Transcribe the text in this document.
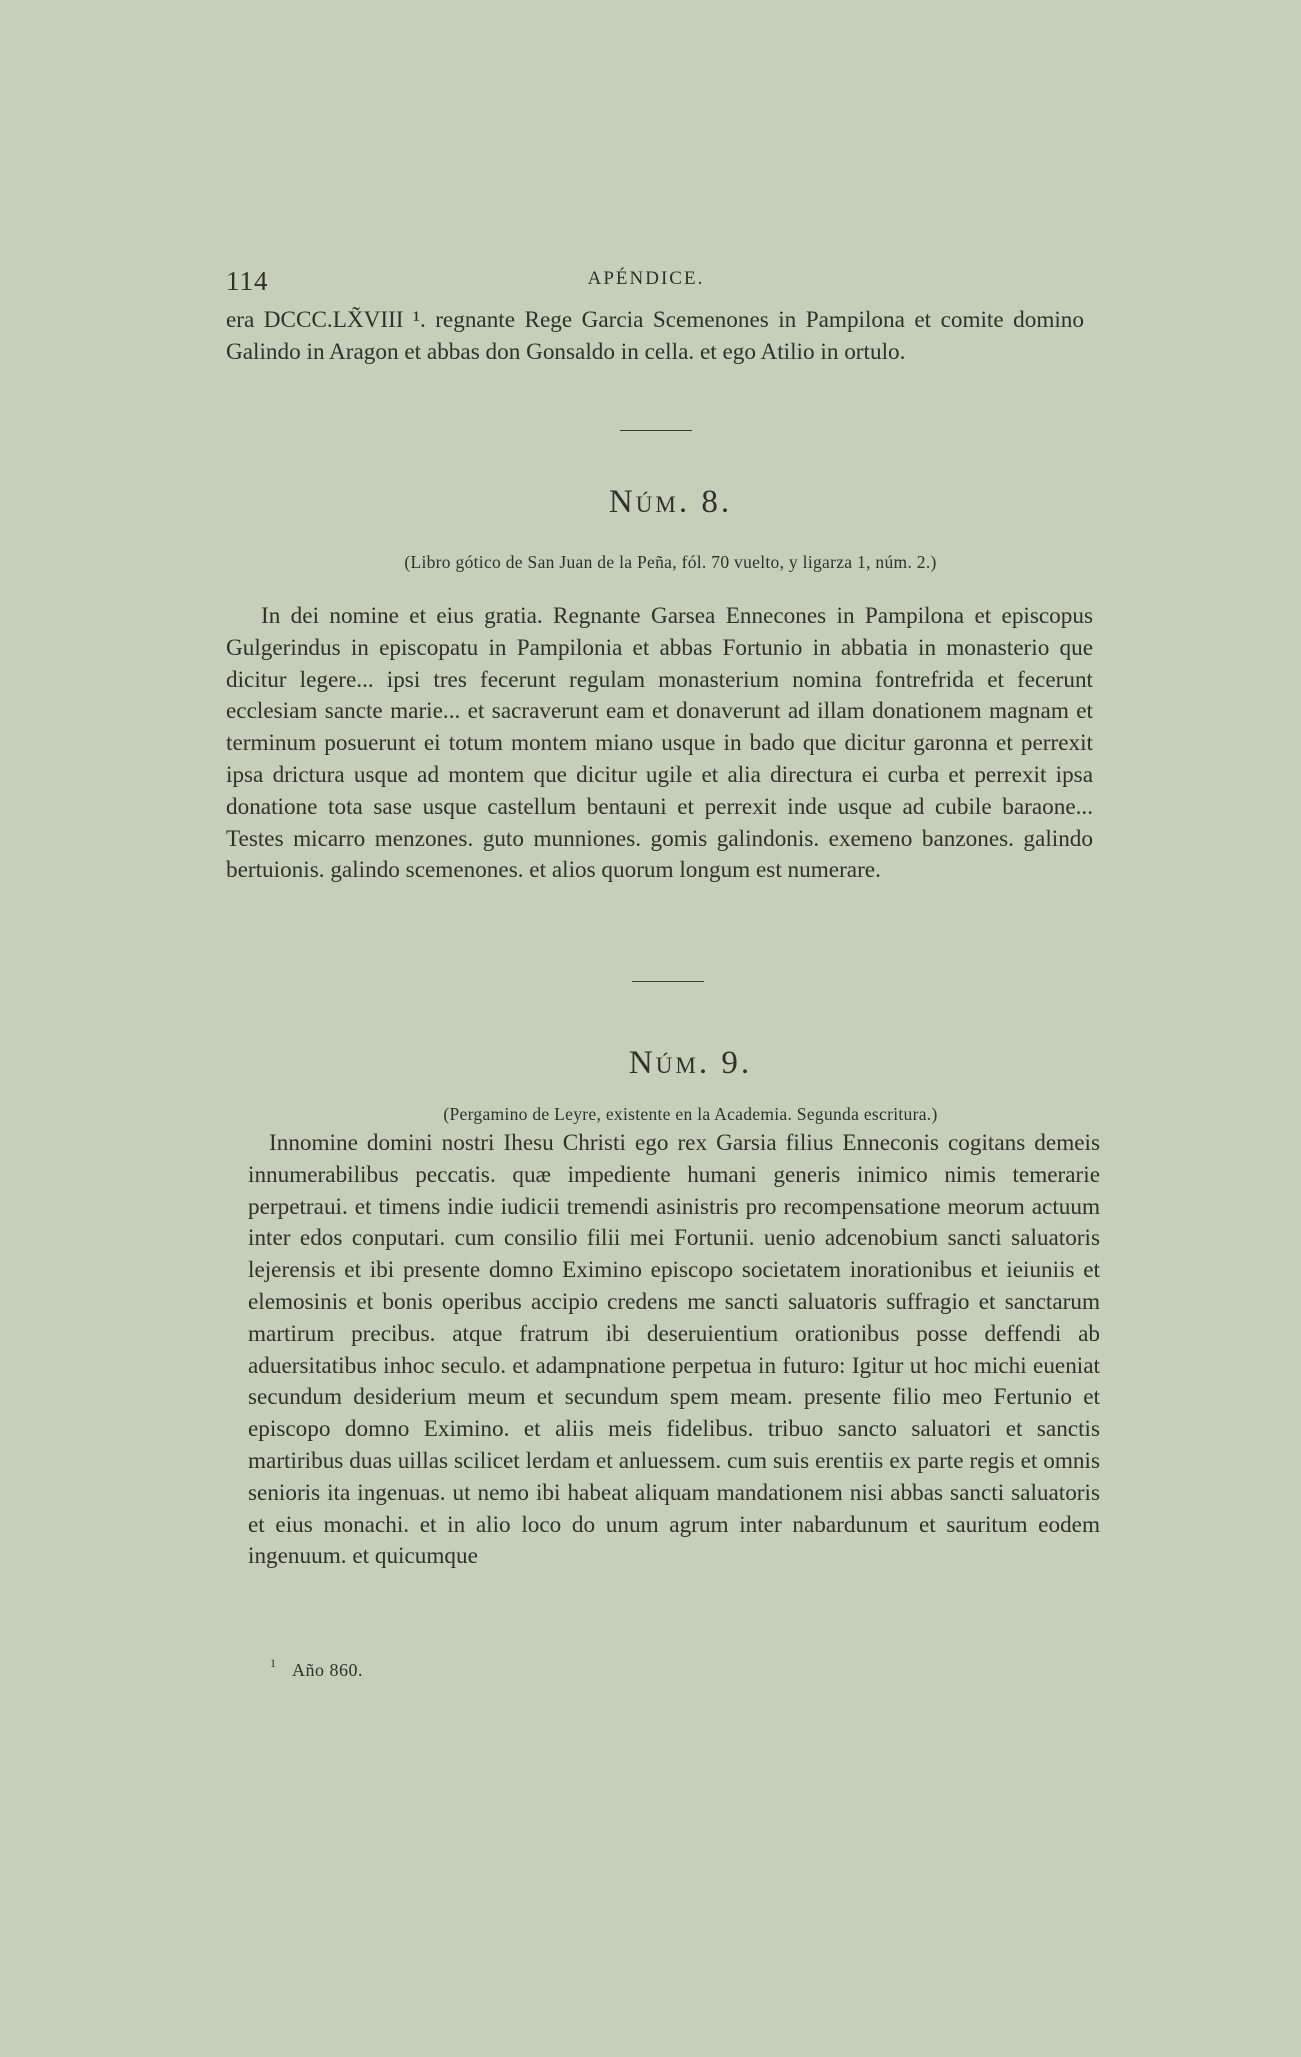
114	APÉNDICE.

era DCCC.LX̃VIII ¹. regnante Rege Garcia Scemenones in Pampilona et comite domino Galindo in Aragon et abbas don Gonsaldo in cella. et ego Atilio in ortulo.

Núm. 8.
(Libro gótico de San Juan de la Peña, fól. 70 vuelto, y ligarza 1, núm. 2.)

In dei nomine et eius gratia. Regnante Garsea Ennecones in Pampilona et episcopus Gulgerindus in episcopatu in Pampilonia et abbas Fortunio in abbatia in monasterio que dicitur legere... ipsi tres fecerunt regulam monasterium nomina fontrefrida et fecerunt ecclesiam sancte marie... et sacraverunt eam et donaverunt ad illam donationem magnam et terminum posuerunt ei totum montem miano usque in bado que dicitur garonna et perrexit ipsa drictura usque ad montem que dicitur ugile et alia directura ei curba et perrexit ipsa donatione tota sase usque castellum bentauni et perrexit inde usque ad cubile baraone... Testes micarro menzones. guto munniones. gomis galindonis. exemeno banzones. galindo bertuionis. galindo scemenones. et alios quorum longum est numerare.

Núm. 9.
(Pergamino de Leyre, existente en la Academia. Segunda escritura.)

Innomine domini nostri Ihesu Christi ego rex Garsia filius Enneconis cogitans demeis innumerabilibus peccatis. quæ impediente humani generis inimico nimis temerarie perpetraui. et timens indie iudicii tremendi asinistris pro recompensatione meorum actuum inter edos conputari. cum consilio filii mei Fortunii. uenio adcenobium sancti saluatoris lejerensis et ibi presente domno Eximino episcopo societatem inorationibus et ieiuniis et elemosinis et bonis operibus accipio credens me sancti saluatoris suffragio et sanctarum martirum precibus. atque fratrum ibi deseruientium orationibus posse deffendi ab aduersitatibus inhoc seculo. et adampnatione perpetua in futuro: Igitur ut hoc michi eueniat secundum desiderium meum et secundum spem meam. presente filio meo Fertunio et episcopo domno Eximino. et aliis meis fidelibus. tribuo sancto saluatori et sanctis martiribus duas uillas scilicet lerdam et anluessem. cum suis erentiis ex parte regis et omnis senioris ita ingenuas. ut nemo ibi habeat aliquam mandationem nisi abbas sancti saluatoris et eius monachi. et in alio loco do unum agrum inter nabardunum et sauritum eodem ingenuum. et quicumque

1 Año 860.
